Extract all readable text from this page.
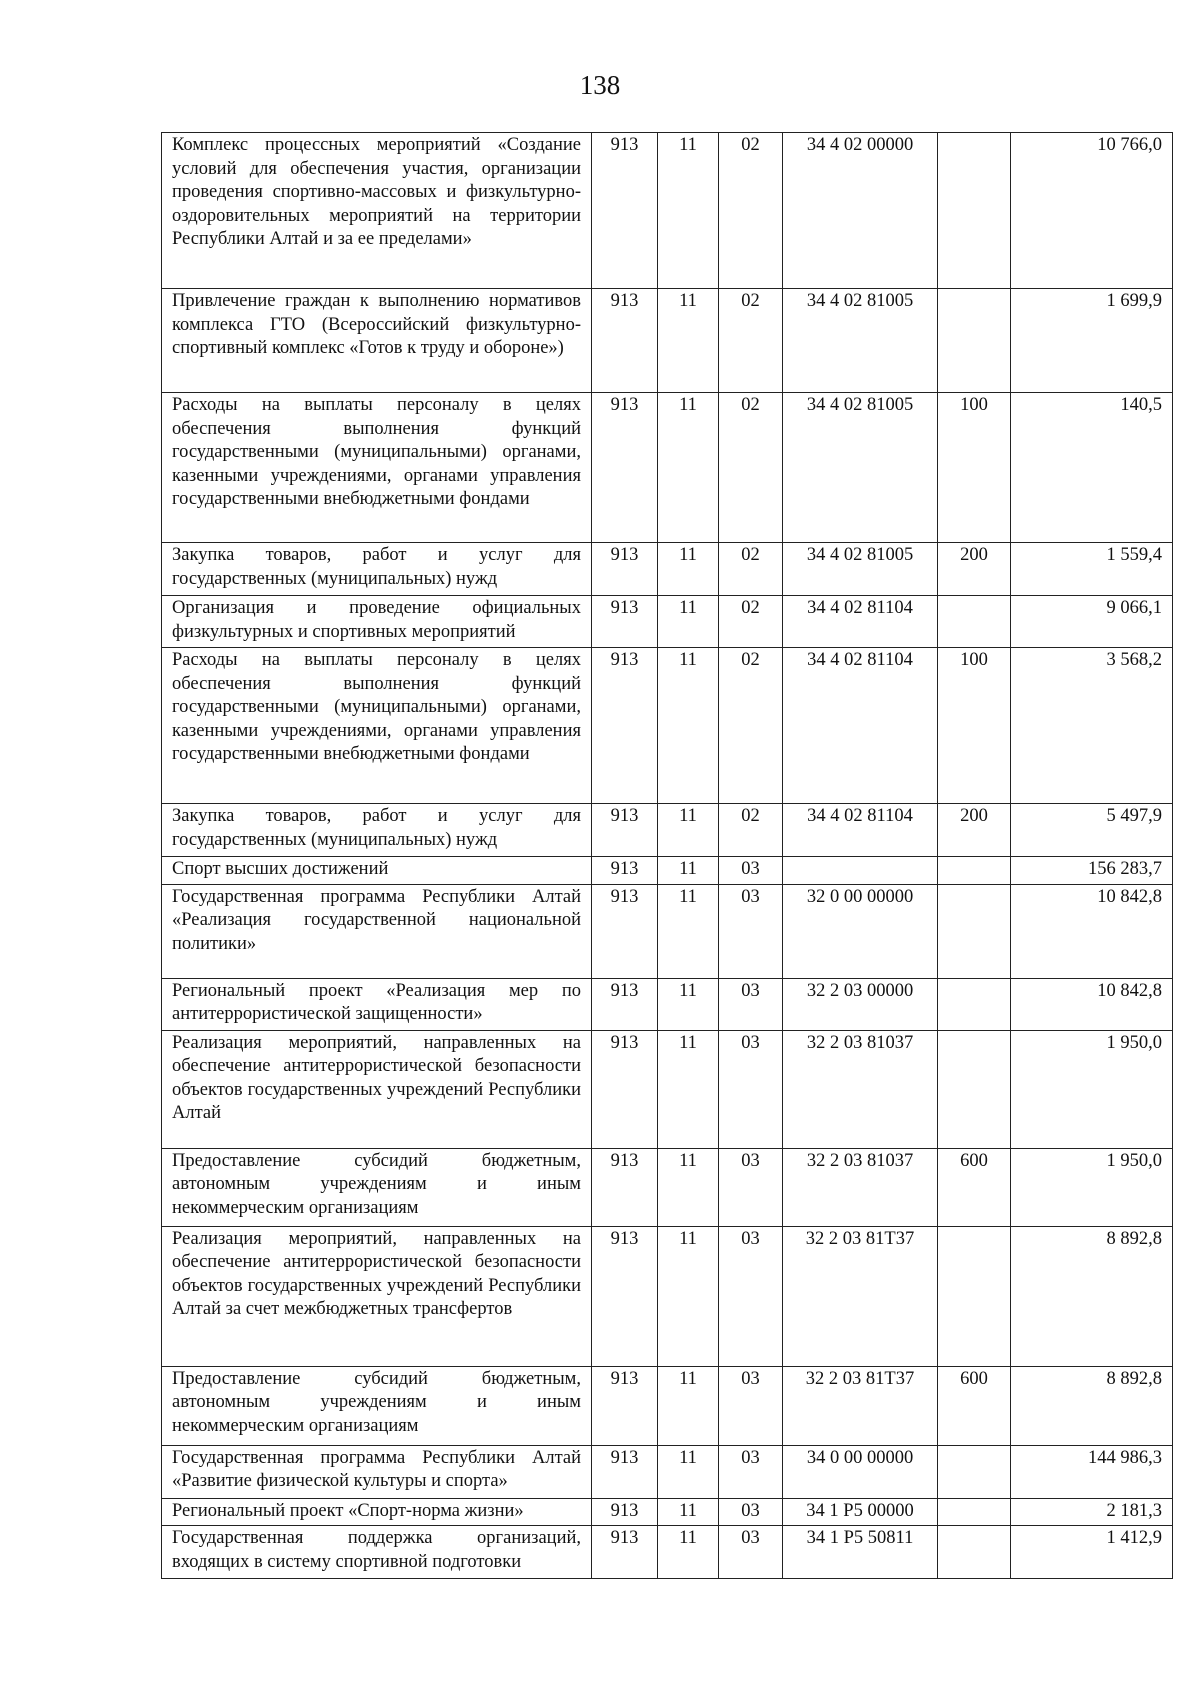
138
Комплекс процессных мероприятий «Создание условий для обеспечения участия, организации проведения спортивно-массовых и физкультурно-оздоровительных мероприятий на территории Республики Алтай и за ее пределами»	913	11	02	34 4 02 00000		10 766,0
Привлечение граждан к выполнению нормативов комплекса ГТО (Всероссийский физкультурно-спортивный комплекс «Готов к труду и обороне»)	913	11	02	34 4 02 81005		1 699,9
Расходы на выплаты персоналу в целях обеспечения выполнения функций государственными (муниципальными) органами, казенными учреждениями, органами управления государственными внебюджетными фондами	913	11	02	34 4 02 81005	100	140,5
Закупка товаров, работ и услуг для государственных (муниципальных) нужд	913	11	02	34 4 02 81005	200	1 559,4
Организация и проведение официальных физкультурных и спортивных мероприятий	913	11	02	34 4 02 81104		9 066,1
Расходы на выплаты персоналу в целях обеспечения выполнения функций государственными (муниципальными) органами, казенными учреждениями, органами управления государственными внебюджетными фондами	913	11	02	34 4 02 81104	100	3 568,2
Закупка товаров, работ и услуг для государственных (муниципальных) нужд	913	11	02	34 4 02 81104	200	5 497,9
Спорт высших достижений	913	11	03			156 283,7
Государственная программа Республики Алтай «Реализация государственной национальной политики»	913	11	03	32 0 00 00000		10 842,8
Региональный проект «Реализация мер по антитеррористической защищенности»	913	11	03	32 2 03 00000		10 842,8
Реализация мероприятий, направленных на обеспечение антитеррористической безопасности объектов государственных учреждений Республики Алтай	913	11	03	32 2 03 81037		1 950,0
Предоставление субсидий бюджетным, автономным учреждениям и иным некоммерческим организациям	913	11	03	32 2 03 81037	600	1 950,0
Реализация мероприятий, направленных на обеспечение антитеррористической безопасности объектов государственных учреждений Республики Алтай за счет межбюджетных трансфертов	913	11	03	32 2 03 81Т37		8 892,8
Предоставление субсидий бюджетным, автономным учреждениям и иным некоммерческим организациям	913	11	03	32 2 03 81Т37	600	8 892,8
Государственная программа Республики Алтай «Развитие физической культуры и спорта»	913	11	03	34 0 00 00000		144 986,3
Региональный проект «Спорт-норма жизни»	913	11	03	34 1 P5 00000		2 181,3
Государственная поддержка организаций, входящих в систему спортивной подготовки	913	11	03	34 1 P5 50811		1 412,9
